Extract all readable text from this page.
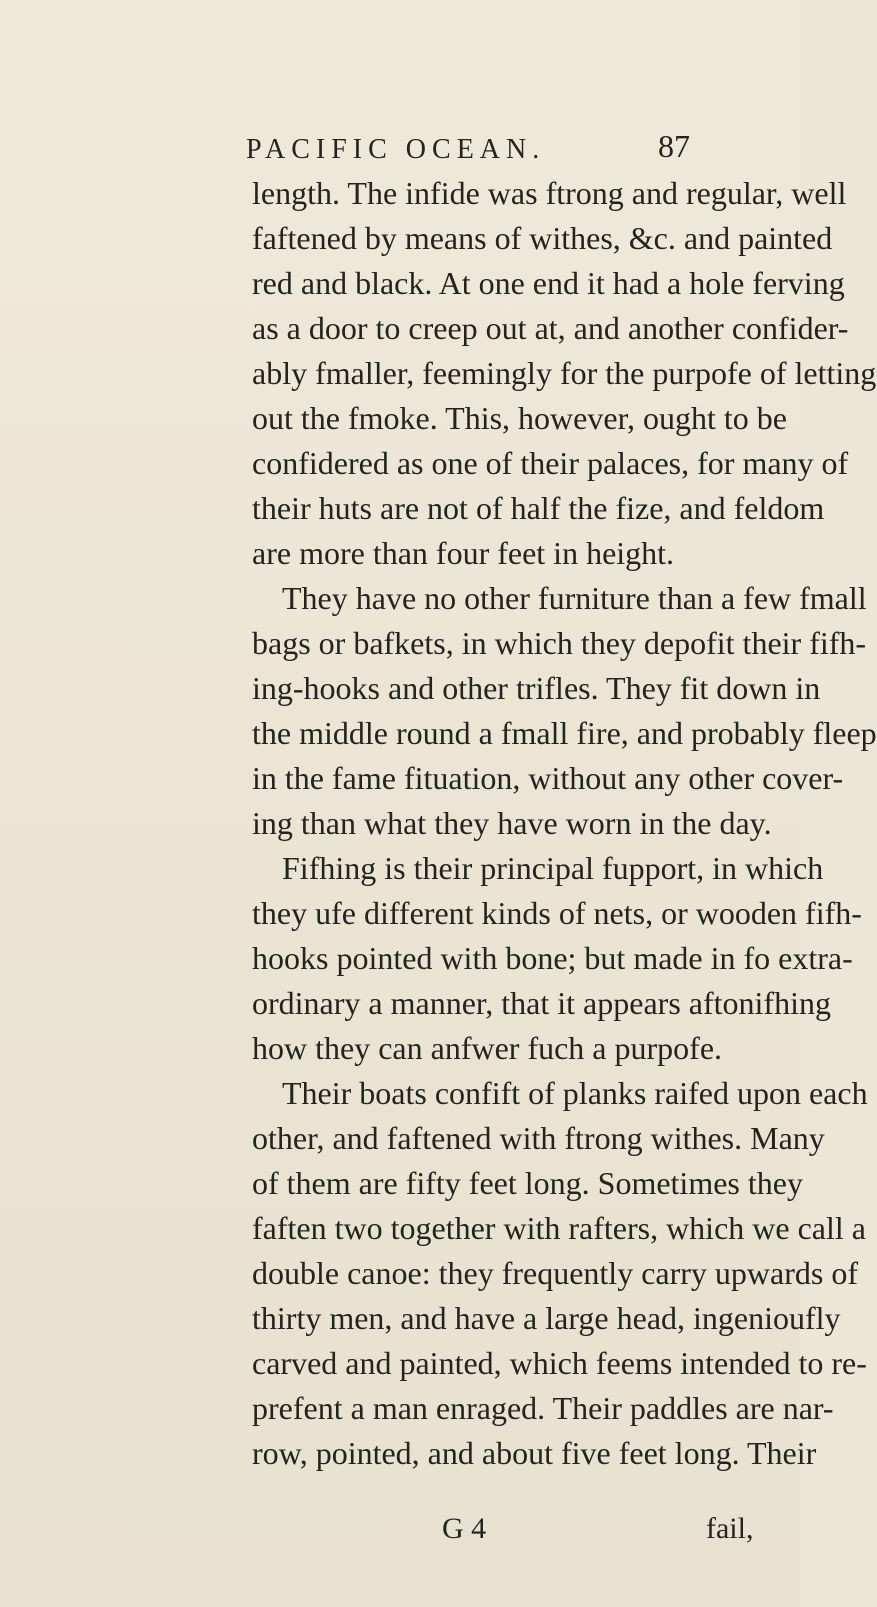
PACIFIC OCEAN.	87
length. The infide was ftrong and regular, well
faftened by means of withes, &c. and painted
red and black. At one end it had a hole ferving
as a door to creep out at, and another confider-
ably fmaller, feemingly for the purpofe of letting
out the fmoke. This, however, ought to be
confidered as one of their palaces, for many of
their huts are not of half the fize, and feldom
are more than four feet in height.
They have no other furniture than a few fmall
bags or bafkets, in which they depofit their fifh-
ing-hooks and other trifles. They fit down in
the middle round a fmall fire, and probably fleep
in the fame fituation, without any other cover-
ing than what they have worn in the day.
Fifhing is their principal fupport, in which
they ufe different kinds of nets, or wooden fifh-
hooks pointed with bone; but made in fo extra-
ordinary a manner, that it appears aftonifhing
how they can anfwer fuch a purpofe.
Their boats confift of planks raifed upon each
other, and faftened with ftrong withes. Many
of them are fifty feet long. Sometimes they
faften two together with rafters, which we call a
double canoe: they frequently carry upwards of
thirty men, and have a large head, ingenioufly
carved and painted, which feems intended to re-
prefent a man enraged. Their paddles are nar-
row, pointed, and about five feet long. Their
G 4	fail,
